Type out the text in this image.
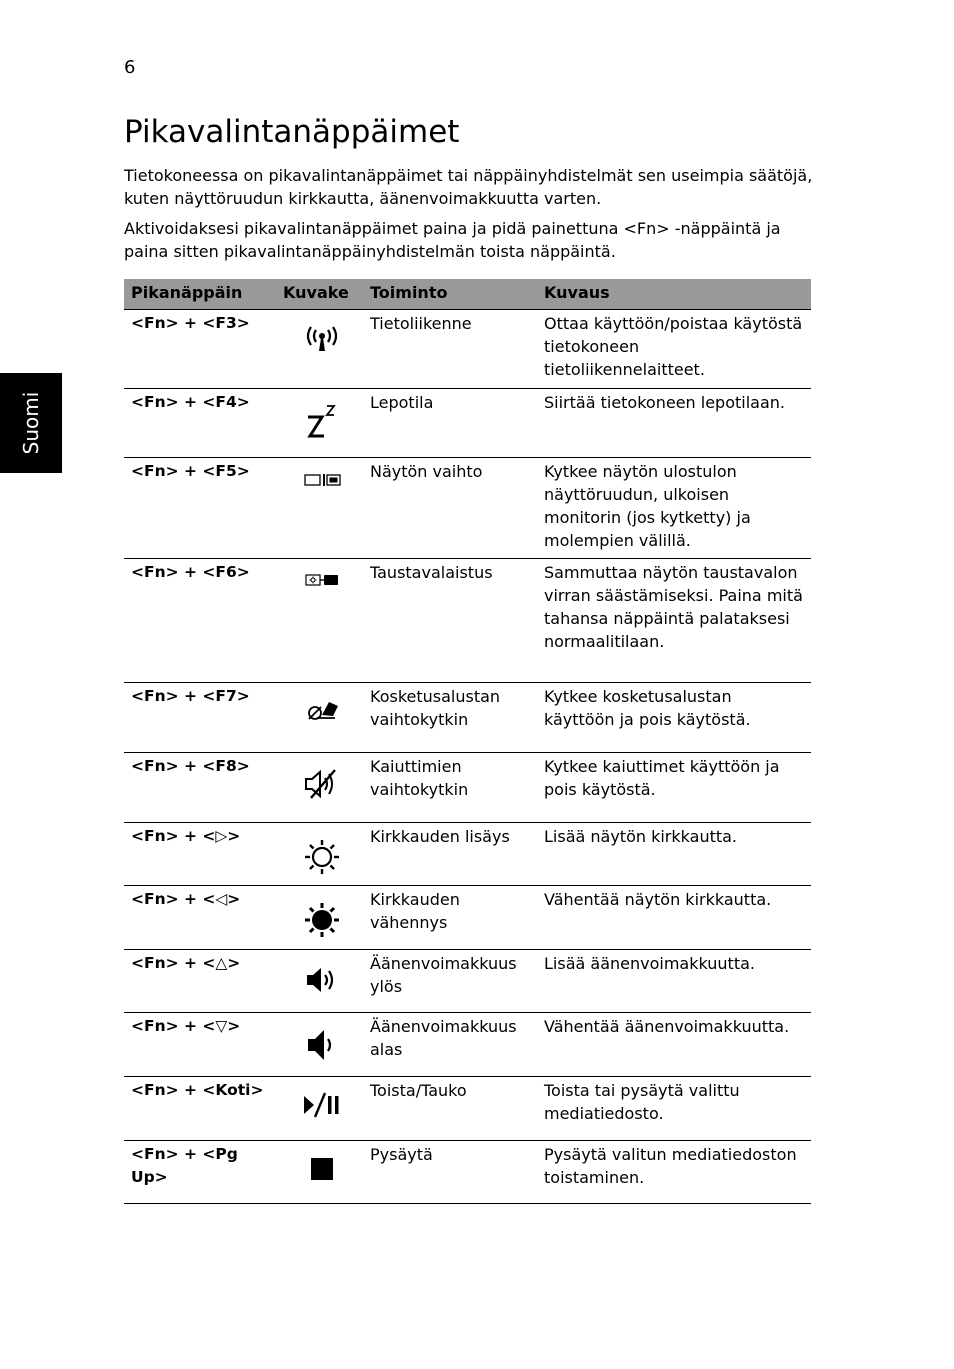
6
Suomi
Pikavalintanäppäimet

Tietokoneessa on pikavalintanäppäimet tai näppäinyhdistelmät sen useimpia säätöjä, kuten näyttöruudun kirkkautta, äänenvoimakkuutta varten.

Aktivoidaksesi pikavalintanäppäimet paina ja pidä painettuna <Fn> -näppäintä ja paina sitten pikavalintanäppäinyhdistelmän toista näppäintä.

Pikanäppäin	Kuvake	Toiminto	Kuvaus
<Fn> + <F3>		Tietoliikenne	Ottaa käyttöön/poistaa käytöstä tietokoneen tietoliikennelaitteet.
<Fn> + <F4>		Lepotila	Siirtää tietokoneen lepotilaan.
<Fn> + <F5>		Näytön vaihto	Kytkee näytön ulostulon näyttöruudun, ulkoisen monitorin (jos kytketty) ja molempien välillä.
<Fn> + <F6>		Taustavalaistus	Sammuttaa näytön taustavalon virran säästämiseksi. Paina mitä tahansa näppäintä palataksesi normaalitilaan.
<Fn> + <F7>		Kosketusalustan vaihtokytkin	Kytkee kosketusalustan käyttöön ja pois käytöstä.
<Fn> + <F8>		Kaiuttimien vaihtokytkin	Kytkee kaiuttimet käyttöön ja pois käytöstä.
<Fn> + <▷>		Kirkkauden lisäys	Lisää näytön kirkkautta.
<Fn> + <◁>		Kirkkauden vähennys	Vähentää näytön kirkkautta.
<Fn> + <△>		Äänenvoimakkuus ylös	Lisää äänenvoimakkuutta.
<Fn> + <▽>		Äänenvoimakkuus alas	Vähentää äänenvoimakkuutta.
<Fn> + <Koti>		Toista/Tauko	Toista tai pysäytä valittu mediatiedosto.
<Fn> + <Pg Up>		Pysäytä	Pysäytä valitun mediatiedoston toistaminen.
